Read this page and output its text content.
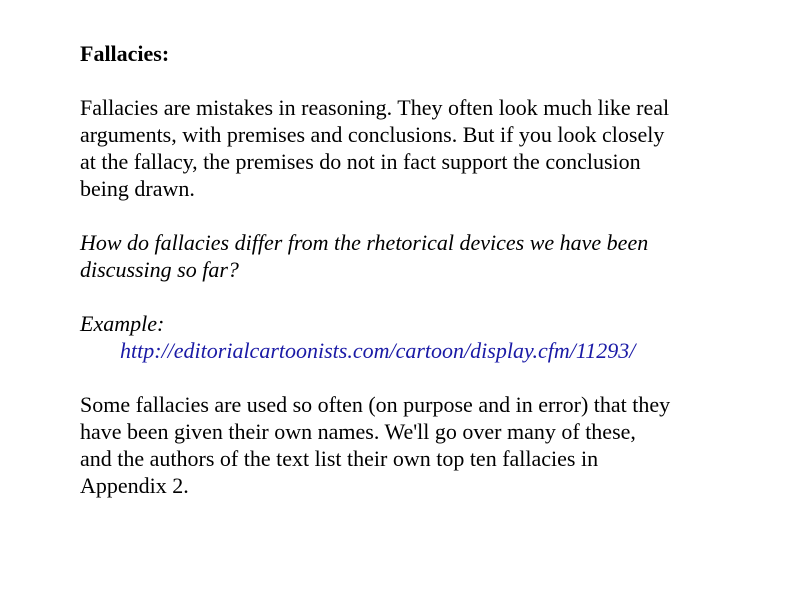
Fallacies:
Fallacies are mistakes in reasoning. They often look much like real
arguments, with premises and conclusions. But if you look closely
at the fallacy, the premises do not in fact support the conclusion
being drawn.
How do fallacies differ from the rhetorical devices we have been
discussing so far?
Example:
http://editorialcartoonists.com/cartoon/display.cfm/11293/
Some fallacies are used so often (on purpose and in error) that they
have been given their own names. We'll go over many of these,
and the authors of the text list their own top ten fallacies in
Appendix 2.
